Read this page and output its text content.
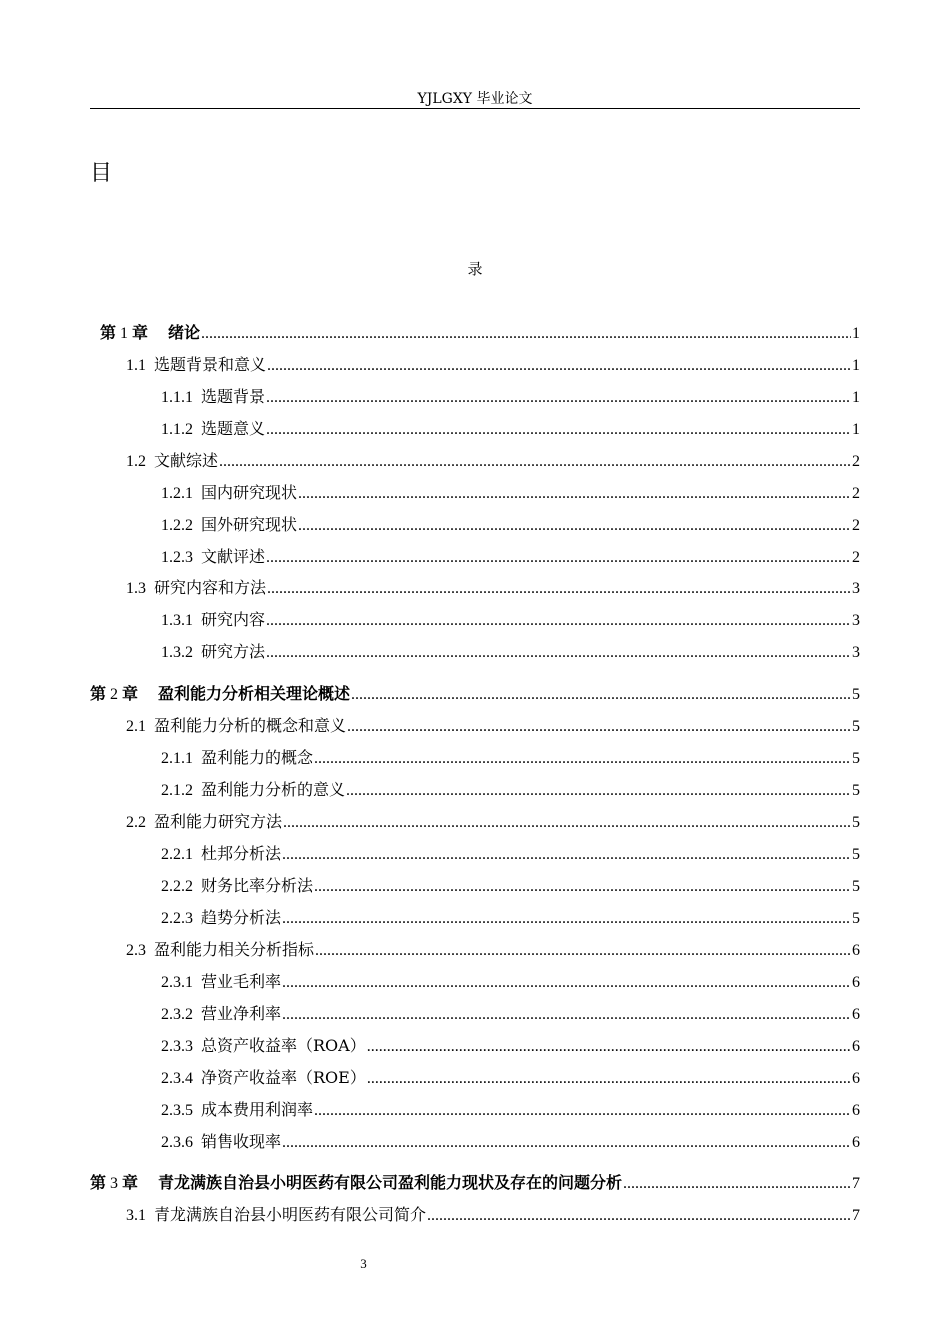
YJLGXY 毕业论文
目
录
第 1 章 绪论 .....	1
1.1 选题背景和意义 .....	1
1.1.1 选题背景 .....	1
1.1.2 选题意义 .....	1
1.2 文献综述 .....	2
1.2.1 国内研究现状 .....	2
1.2.2 国外研究现状 .....	2
1.2.3 文献评述 .....	2
1.3 研究内容和方法 .....	3
1.3.1 研究内容 .....	3
1.3.2 研究方法 .....	3
第 2 章 盈利能力分析相关理论概述 .....	5
2.1 盈利能力分析的概念和意义 .....	5
2.1.1 盈利能力的概念 .....	5
2.1.2 盈利能力分析的意义 .....	5
2.2 盈利能力研究方法 .....	5
2.2.1 杜邦分析法 .....	5
2.2.2 财务比率分析法 .....	5
2.2.3 趋势分析法 .....	5
2.3 盈利能力相关分析指标 .....	6
2.3.1 营业毛利率 .....	6
2.3.2 营业净利率 .....	6
2.3.3 总资产收益率（ROA） .....	6
2.3.4 净资产收益率（ROE） .....	6
2.3.5 成本费用利润率 .....	6
2.3.6 销售收现率 .....	6
第 3 章 青龙满族自治县小明医药有限公司盈利能力现状及存在的问题分析 .....	7
3.1 青龙满族自治县小明医药有限公司简介 .....	7
3
